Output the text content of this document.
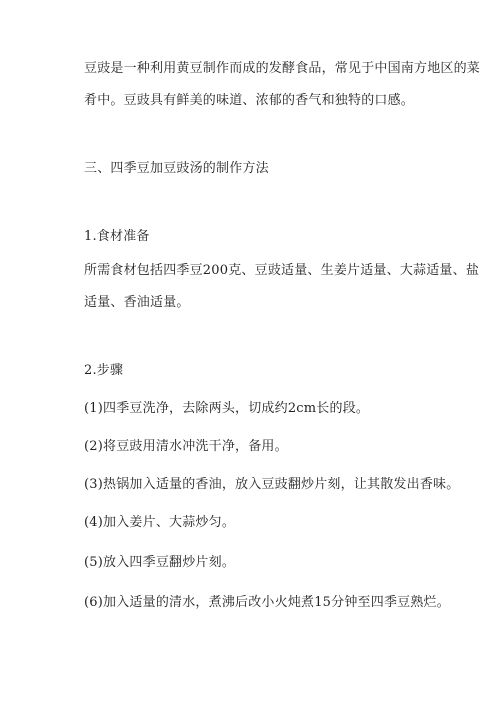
豆豉是一种利用黄豆制作而成的发酵食品，常见于中国南方地区的菜
肴中。豆豉具有鲜美的味道、浓郁的香气和独特的口感。
三、四季豆加豆豉汤的制作方法
1.食材准备
所需食材包括四季豆200克、豆豉适量、生姜片适量、大蒜适量、盐
适量、香油适量。
2.步骤
(1)四季豆洗净，去除两头，切成约2cm长的段。
(2)将豆豉用清水冲洗干净，备用。
(3)热锅加入适量的香油，放入豆豉翻炒片刻，让其散发出香味。
(4)加入姜片、大蒜炒匀。
(5)放入四季豆翻炒片刻。
(6)加入适量的清水，煮沸后改小火炖煮15分钟至四季豆熟烂。
